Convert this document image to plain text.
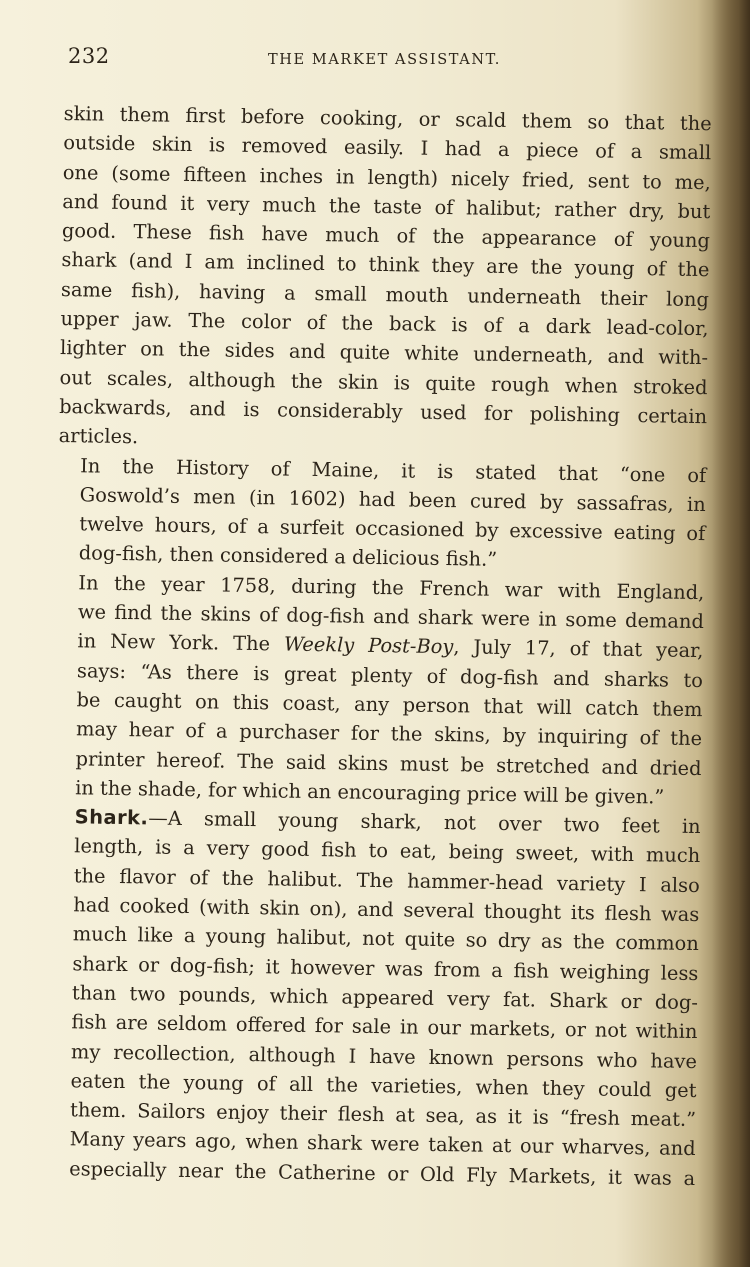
232	THE MARKET ASSISTANT.

skin them first before cooking, or scald them so that the
outside skin is removed easily. I had a piece of a small
one (some fifteen inches in length) nicely fried, sent to me,
and found it very much the taste of halibut; rather dry, but
good. These fish have much of the appearance of young
shark (and I am inclined to think they are the young of the
same fish), having a small mouth underneath their long
upper jaw. The color of the back is of a dark lead-color,
lighter on the sides and quite white underneath, and with-
out scales, although the skin is quite rough when stroked
backwards, and is considerably used for polishing certain
articles.

In the History of Maine, it is stated that “one of
Goswold’s men (in 1602) had been cured by sassafras, in
twelve hours, of a surfeit occasioned by excessive eating of
dog-fish, then considered a delicious fish.”

In the year 1758, during the French war with England,
we find the skins of dog-fish and shark were in some demand
in New York. The Weekly Post-Boy, July 17, of that year,
says: “As there is great plenty of dog-fish and sharks to
be caught on this coast, any person that will catch them
may hear of a purchaser for the skins, by inquiring of the
printer hereof. The said skins must be stretched and dried
in the shade, for which an encouraging price will be given.”

Shark.—A small young shark, not over two feet in
length, is a very good fish to eat, being sweet, with much
the flavor of the halibut. The hammer-head variety I also
had cooked (with skin on), and several thought its flesh was
much like a young halibut, not quite so dry as the common
shark or dog-fish; it however was from a fish weighing less
than two pounds, which appeared very fat. Shark or dog-
fish are seldom offered for sale in our markets, or not within
my recollection, although I have known persons who have
eaten the young of all the varieties, when they could get
them. Sailors enjoy their flesh at sea, as it is “fresh meat.”
Many years ago, when shark were taken at our wharves, and
especially near the Catherine or Old Fly Markets, it was a
